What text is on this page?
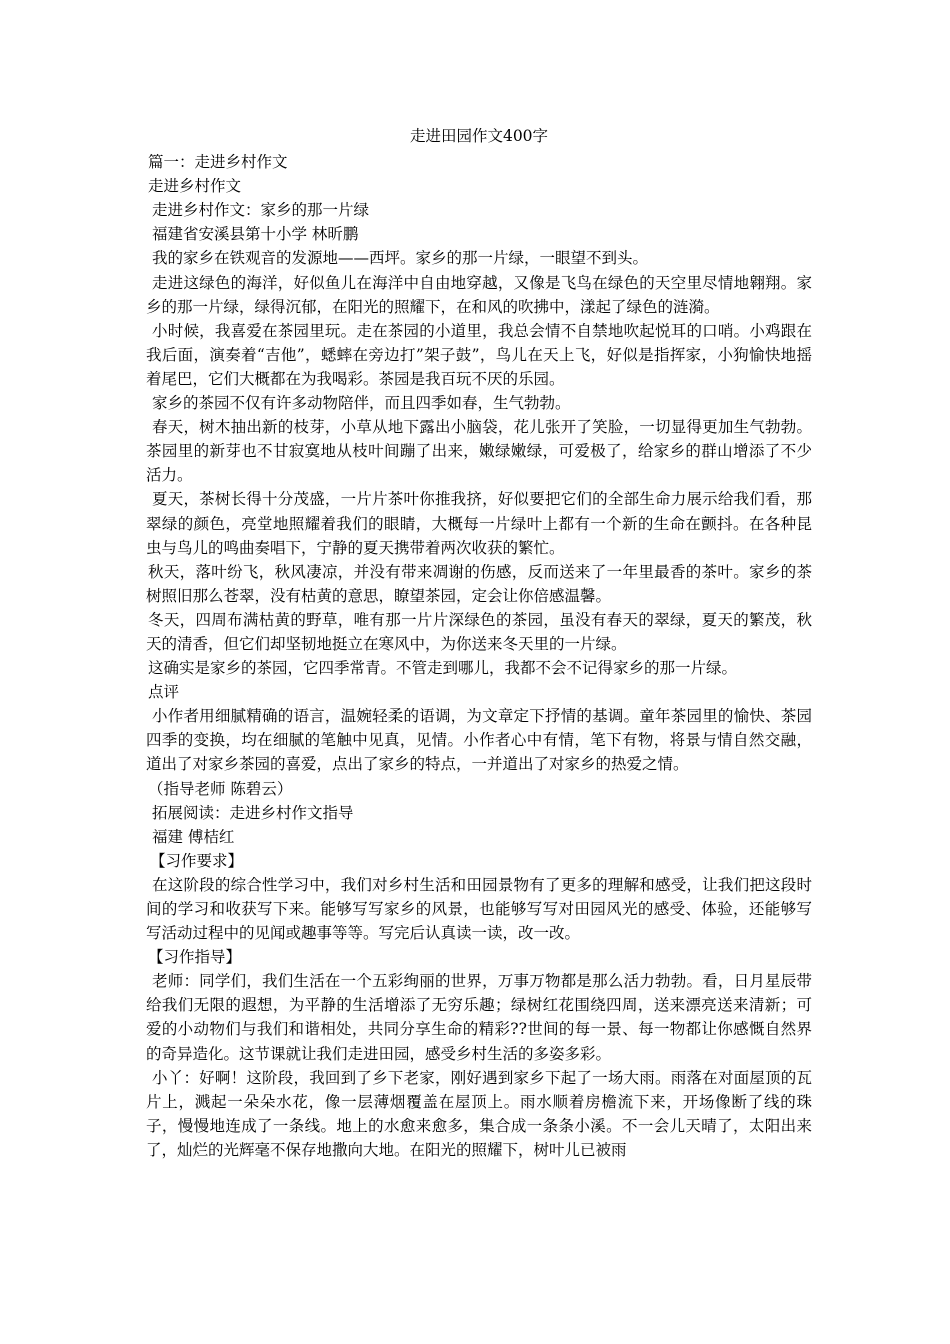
走进田园作文400字

篇一：走进乡村作文

走进乡村作文

走进乡村作文：家乡的那一片绿

福建省安溪县第十小学 林昕鹏

我的家乡在铁观音的发源地——西坪。家乡的那一片绿，一眼望不到头。

走进这绿色的海洋，好似鱼儿在海洋中自由地穿越，又像是飞鸟在绿色的天空里尽情地翱翔。家乡的那一片绿，绿得沉郁，在阳光的照耀下，在和风的吹拂中，漾起了绿色的涟漪。

小时候，我喜爱在茶园里玩。走在茶园的小道里，我总会情不自禁地吹起悦耳的口哨。小鸡跟在我后面，演奏着“吉他”，蟋蟀在旁边打”架子鼓”，鸟儿在天上飞，好似是指挥家，小狗愉快地摇着尾巴，它们大概都在为我喝彩。茶园是我百玩不厌的乐园。

家乡的茶园不仅有许多动物陪伴，而且四季如春，生气勃勃。

春天，树木抽出新的枝芽，小草从地下露出小脑袋，花儿张开了笑脸，一切显得更加生气勃勃。茶园里的新芽也不甘寂寞地从枝叶间蹦了出来，嫩绿嫩绿，可爱极了，给家乡的群山增添了不少活力。

夏天，茶树长得十分茂盛，一片片茶叶你推我挤，好似要把它们的全部生命力展示给我们看，那翠绿的颜色，亮堂地照耀着我们的眼睛，大概每一片绿叶上都有一个新的生命在颤抖。在各种昆虫与鸟儿的鸣曲奏唱下，宁静的夏天携带着两次收获的繁忙。

秋天，落叶纷飞，秋风凄凉，并没有带来凋谢的伤感，反而送来了一年里最香的茶叶。家乡的茶树照旧那么苍翠，没有枯黄的意思，瞭望茶园，定会让你倍感温馨。

冬天，四周布满枯黄的野草，唯有那一片片深绿色的茶园，虽没有春天的翠绿，夏天的繁茂，秋天的清香，但它们却坚韧地挺立在寒风中，为你送来冬天里的一片绿。

这确实是家乡的茶园，它四季常青。不管走到哪儿，我都不会不记得家乡的那一片绿。

点评

小作者用细腻精确的语言，温婉轻柔的语调，为文章定下抒情的基调。童年茶园里的愉快、茶园四季的变换，均在细腻的笔触中见真，见情。小作者心中有情，笔下有物，将景与情自然交融，道出了对家乡茶园的喜爱，点出了家乡的特点，一并道出了对家乡的热爱之情。

（指导老师 陈碧云）

拓展阅读：走进乡村作文指导

福建 傅桔红

【习作要求】

在这阶段的综合性学习中，我们对乡村生活和田园景物有了更多的理解和感受，让我们把这段时间的学习和收获写下来。能够写写家乡的风景，也能够写写对田园风光的感受、体验，还能够写写活动过程中的见闻或趣事等等。写完后认真读一读，改一改。

【习作指导】

老师：同学们，我们生活在一个五彩绚丽的世界，万事万物都是那么活力勃勃。看，日月星辰带给我们无限的遐想，为平静的生活增添了无穷乐趣；绿树红花围绕四周，送来漂亮送来清新；可爱的小动物们与我们和谐相处，共同分享生命的精彩??世间的每一景、每一物都让你感慨自然界的奇异造化。这节课就让我们走进田园，感受乡村生活的多姿多彩。

小丫：好啊！这阶段，我回到了乡下老家，刚好遇到家乡下起了一场大雨。雨落在对面屋顶的瓦片上，溅起一朵朵水花，像一层薄烟覆盖在屋顶上。雨水顺着房檐流下来，开场像断了线的珠子，慢慢地连成了一条线。地上的水愈来愈多，集合成一条条小溪。不一会儿天晴了，太阳出来了，灿烂的光辉毫不保存地撒向大地。在阳光的照耀下，树叶儿已被雨
